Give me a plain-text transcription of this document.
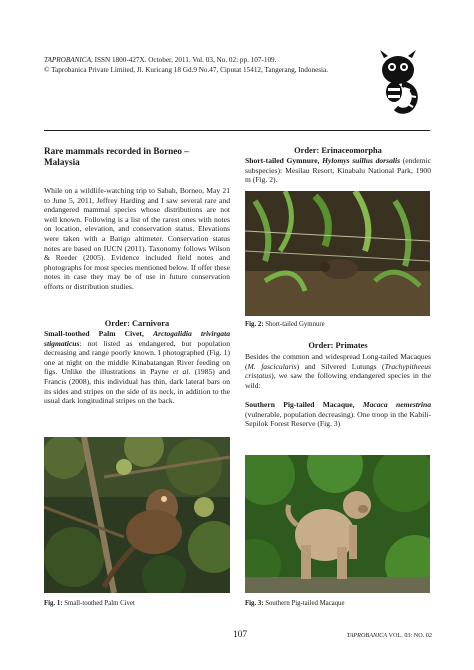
TAPROBANICA, ISSN 1800-427X. October, 2011. Vol. 03, No. 02: pp. 107-109.
© Taprobanica Private Limited, Jl. Kuricang 18 Gd.9 No.47, Ciputat 15412, Tangerang, Indonesia.
Rare mammals recorded in Borneo – Malaysia
While on a wildlife-watching trip to Sabah, Borneo, May 21 to June 5, 2011, Jeffrey Harding and I saw several rare and endangered mammal species whose distributions are not well known. Following is a list of the rarest ones with notes on location, elevation, and conservation status. Elevations were taken with a Barigo altimeter. Conservation status notes are based on IUCN (2011). Taxonomy follows Wilson & Reeder (2005). Evidence included field notes and photographs for most species mentioned below. If offer these notes in case they may be of use in future conservation efforts or distribution studies.
Order: Carnivora
Small-toothed Palm Civet, Arctogalidia trivirgata stigmaticus: not listed as endangered, but population decreasing and range poorly known. I photographed (Fig. 1) one at night on the middle Kinabatangan River feeding on figs. Unlike the illustrations in Payne et al. (1985) and Francis (2008), this individual has thin, dark lateral bars on its sides and stripes on the side of its neck, in addition to the usual dark longitudinal stripes on the back.
Fig. 1: Small-toothed Palm Civet
Order: Erinaceomorpha
Short-tailed Gymnure, Hylomys suillus dorsalis (endemic subspecies): Mesilau Resort, Kinabalu National Park, 1900 m (Fig. 2).
Fig. 2: Short-tailed Gymnure
Order: Primates
Besides the common and widespread Long-tailed Macaques (M. fascicularis) and Silvered Lutungs (Trachypitheeus cristatus), we saw the following endangered species in the wild:
Southern Pig-tailed Macaque, Macaca nemestrina (vulnerable, population decreasing). One troop in the Kabili-Sepilok Forest Reserve (Fig. 3)
Fig. 3: Southern Pig-tailed Macaque
107	TAPROBANICA VOL. 03: NO. 02
